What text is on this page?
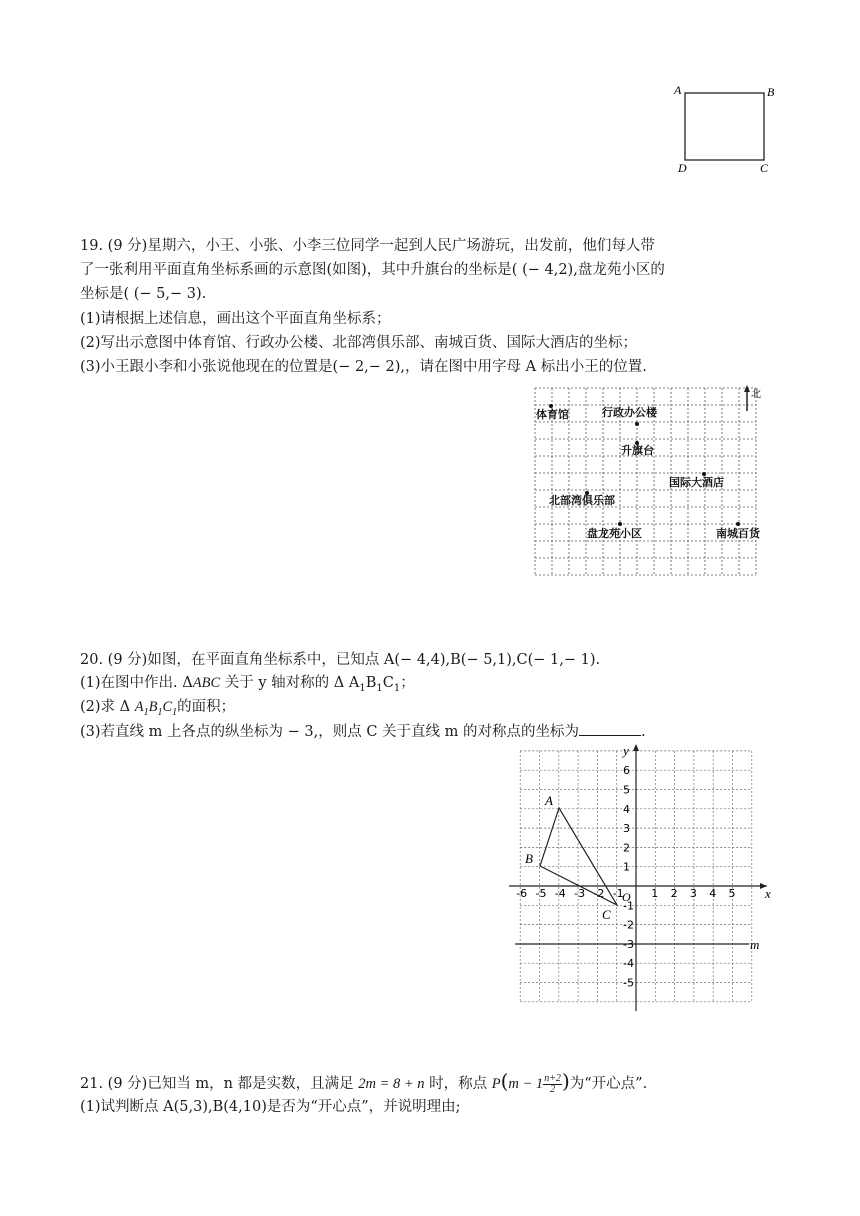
A	B
D	C
19. (9 分)星期六，小王、小张、小李三位同学一起到人民广场游玩，出发前，他们每人带
了一张利用平面直角坐标系画的示意图(如图)，其中升旗台的坐标是( (− 4,2),盘龙苑小区的
坐标是( (− 5,− 3).
(1)请根据上述信息，画出这个平面直角坐标系；
(2)写出示意图中体育馆、行政办公楼、北部湾俱乐部、南城百货、国际大酒店的坐标；
(3)小王跟小李和小张说他现在的位置是(− 2,− 2),，请在图中用字母 A 标出小王的位置.
北
体育馆	行政办公楼
升旗台
国际大酒店
北部湾俱乐部
盘龙苑小区	南城百货
20. (9 分)如图，在平面直角坐标系中，已知点 A(− 4,4),B(− 5,1),C(− 1,− 1).
(1)在图中作出. ΔABC 关于 y 轴对称的 Δ $A_1B_1C_1$；
(2)求 Δ $A_1B_1C_1$的面积；
(3)若直线 m 上各点的纵坐标为 − 3,，则点 C 关于直线 m 的对称点的坐标为	.
x
y
m
O
-6 -5 -4 -3 -2 -1	1 2 3 4 5
6
5
4
3
2
1
-1
-2
-3
-4
-5
A
B
C
21. (9 分)已知当 m，n 都是实数，且满足 2m = 8 + n 时，称点 $P(m - 1 \frac{n+2}{2}$ )为“开心点”.
(1)试判断点 A(5,3),B(4,10)是否为“开心点”，并说明理由;
